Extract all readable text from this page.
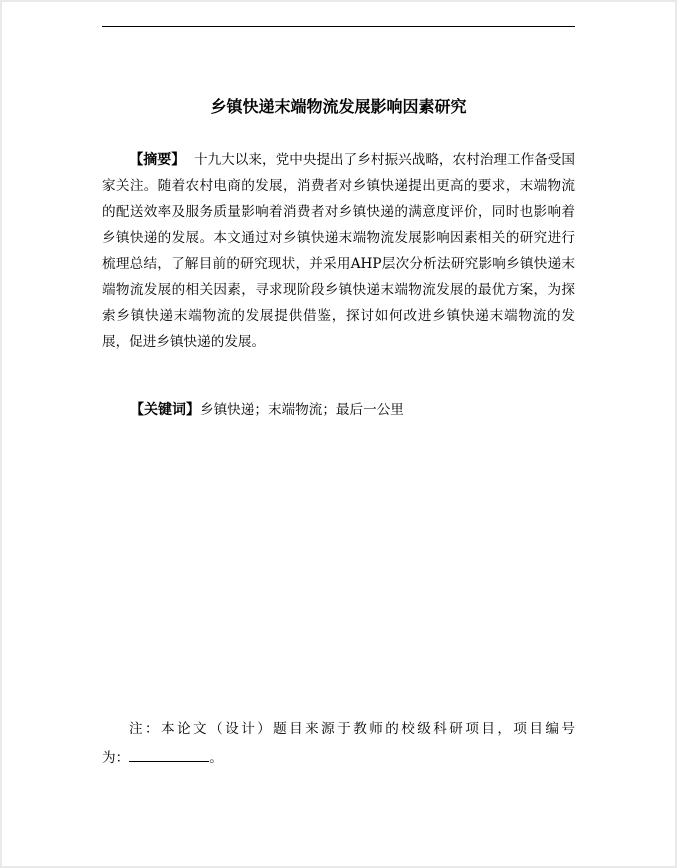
乡镇快递末端物流发展影响因素研究

【摘要】 十九大以来，党中央提出了乡村振兴战略，农村治理工作备受国家关注。随着农村电商的发展，消费者对乡镇快递提出更高的要求，末端物流的配送效率及服务质量影响着消费者对乡镇快递的满意度评价，同时也影响着乡镇快递的发展。本文通过对乡镇快递末端物流发展影响因素相关的研究进行梳理总结，了解目前的研究现状，并采用AHP层次分析法研究影响乡镇快递末端物流发展的相关因素，寻求现阶段乡镇快递末端物流发展的最优方案，为探索乡镇快递末端物流的发展提供借鉴，探讨如何改进乡镇快递末端物流的发展，促进乡镇快递的发展。

【关键词】乡镇快递；末端物流；最后一公里
注：本论文（设计）题目来源于教师的校级科研项目，项目编号
为：	。
